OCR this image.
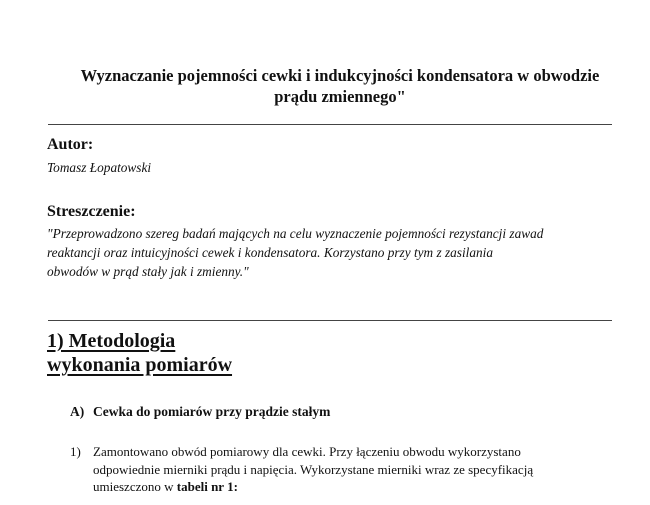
Wyznaczanie pojemności cewki i indukcyjności kondensatora w obwodzie
prądu zmiennego"
Autor:
Tomasz Łopatowski
Streszczenie:
"Przeprowadzono szereg badań mających na celu wyznaczenie pojemności rezystancji zawad
reaktancji oraz intuicyjności cewek i kondensatora. Korzystano przy tym z zasilania
obwodów w prąd stały jak i zmienny."
1) Metodologia
wykonania pomiarów
A) Cewka do pomiarów przy prądzie stałym
1) Zamontowano obwód pomiarowy dla cewki. Przy łączeniu obwodu wykorzystano
odpowiednie mierniki prądu i napięcia. Wykorzystane mierniki wraz ze specyfikacją
umieszczono w tabeli nr 1:
